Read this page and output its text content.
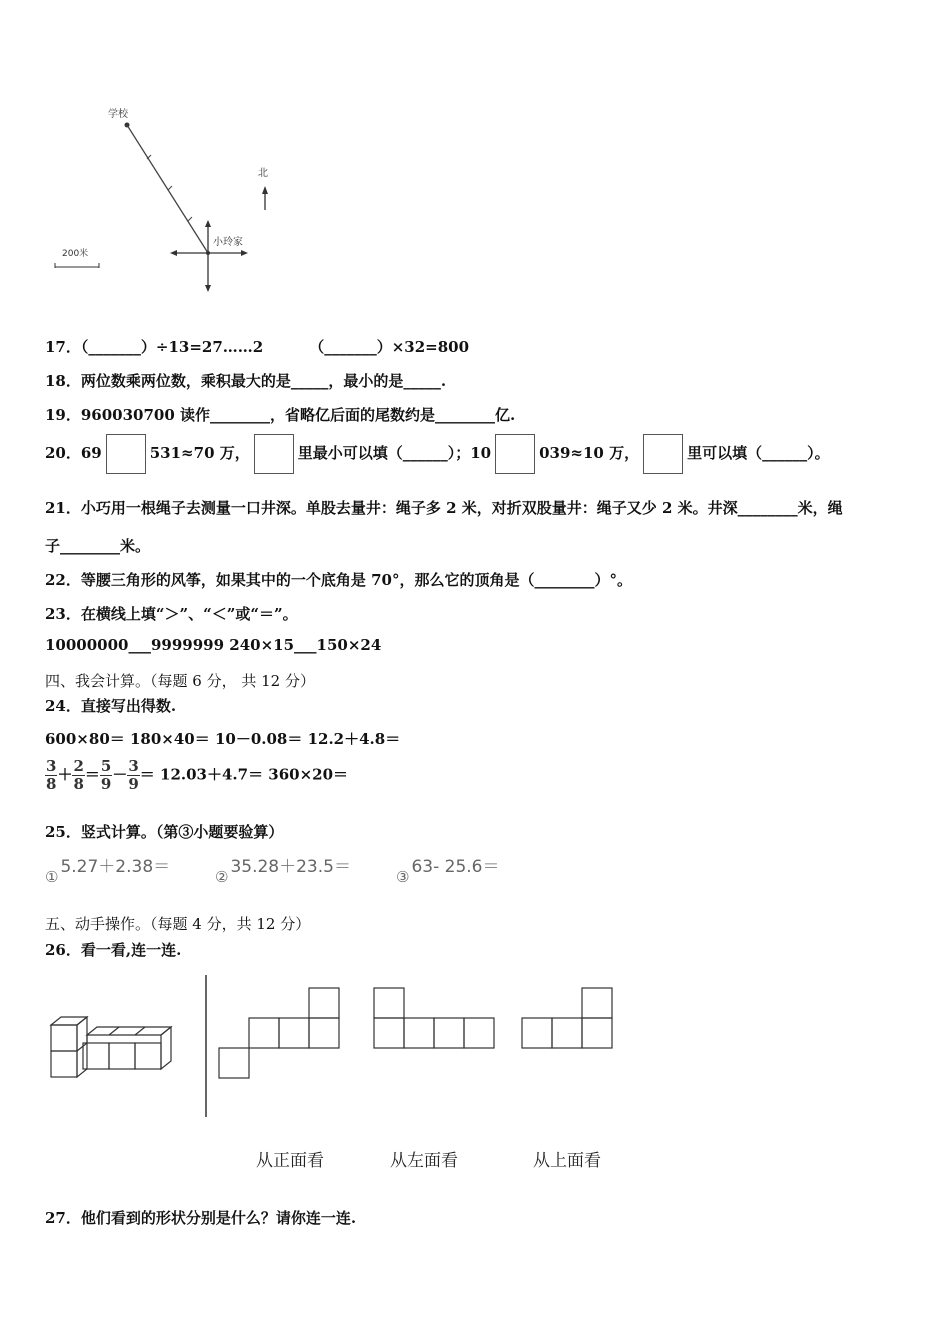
学校
小玲家
北
200米
17．（_______）÷13=27……2	（_______）×32=800
18．两位数乘两位数，乘积最大的是_____，最小的是_____.
19．960030700 读作________，省略亿后面的尾数约是________亿.
20．69	531≈70 万，	里最小可以填（______）；10	039≈10 万，	里可以填（______）。
21．小巧用一根绳子去测量一口井深。单股去量井：绳子多 2 米，对折双股量井：绳子又少 2 米。井深________米，绳
子________米。
22．等腰三角形的风筝，如果其中的一个底角是 70°，那么它的顶角是（________）°。
23．在横线上填“＞”、“＜”或“＝”。
10000000___9999999 240×15___150×24
四、我会计算。（每题 6 分， 共 12 分）
24．直接写出得数.
600×80＝ 180×40＝ 10－0.08＝ 12.2＋4.8＝
$\frac{3}{8} + \frac{2}{8} = \frac{5}{9} - \frac{3}{9} = 12.03+4.7= 360\times 20=$
25．竖式计算。（第③小题要验算）
① 5.27＋2.38＝	② 35.28＋23.5＝	③ 63- 25.6＝
五、动手操作。（每题 4 分，共 12 分）
26．看一看,连一连.
从正面看	从左面看	从上面看
27．他们看到的形状分别是什么？请你连一连.
